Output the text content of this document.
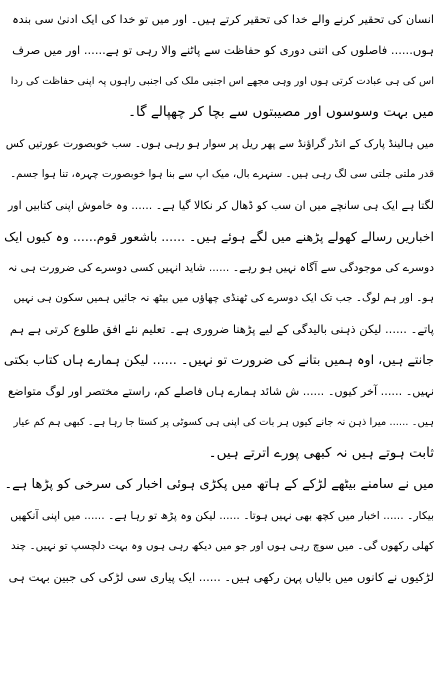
انسان کی تحقیر کرنے والے خدا کی تحقیر کرتے ہیں۔ اور میں تو خدا کی ایک ادنیٰ سی بندہ
ہوں...... فاصلوں کی اتنی دوری کو حفاظت سے پاٹنے والا رہی تو ہے...... اور میں صرف
اس کی ہی عبادت کرتی ہوں اور وہی مجھے اس اجنبی ملک کی اجنبی راہوں پہ اپنی حفاظت کی ردا
میں بہت وسوسوں اور مصیبتوں سے بچا کر چھپالے گا۔
میں ہالینڈ پارک کے انڈر گراؤنڈ سے پھر ریل پر سوار ہو رہی ہوں۔ سب خوبصورت عورتیں کس
قدر ملتی جلتی سی لگ رہی ہیں۔ سنہرے بال، میک اپ سے بنا ہوا خوبصورت چہرہ، تنا ہوا جسم۔
لگتا ہے ایک ہی سانچے میں ان سب کو ڈھال کر نکالا گیا ہے۔ ...... وہ خاموش اپنی کتابیں اور
اخباریں رسالے کھولے پڑھنے میں لگے ہوئے ہیں۔ ...... باشعور قوم...... وہ کیوں ایک
دوسرے کی موجودگی سے آگاہ نہیں ہو رہے۔ ...... شاید انہیں کسی دوسرے کی ضرورت ہی نہ
ہو۔ اور ہم لوگ۔ جب تک ایک دوسرے کی ٹھنڈی چھاؤں میں بیٹھ نہ جائیں ہمیں سکون ہی نہیں
پاتے۔ ...... لیکن ذہنی بالیدگی کے لیے پڑھنا ضروری ہے۔ تعلیم نئے افق طلوع کرتی ہے ہم
جانتے ہیں، اوہ ہمیں بتانے کی ضرورت تو نہیں۔ ...... لیکن ہمارے ہاں کتاب بکتی
نہیں۔ ...... آخر کیوں۔ ...... ش شائد ہمارے ہاں فاصلے کم، راستے مختصر اور لوگ متواضع
ہیں۔ ...... میرا ذہن نہ جانے کیوں ہر بات کی اپنی ہی کسوٹی پر کستا جا رہا ہے۔ کبھی ہم کم عیار
ثابت ہوتے ہیں نہ کبھی پورے اترتے ہیں۔
میں نے سامنے بیٹھے لڑکے کے ہاتھ میں پکڑی ہوئی اخبار کی سرخی کو پڑھا ہے۔
بیکار۔ ...... اخبار میں کچھ بھی نہیں ہوتا۔ ...... لیکن وہ پڑھ تو رہا ہے۔ ...... میں اپنی آنکھیں
کھلی رکھوں گی۔ میں سوچ رہی ہوں اور جو میں دیکھ رہی ہوں وہ بہت دلچسپ تو نہیں۔ چند
لڑکیوں نے کانوں میں بالیاں پہن رکھی ہیں۔ ...... ایک پیاری سی لڑکی کی جبین بہت ہی
